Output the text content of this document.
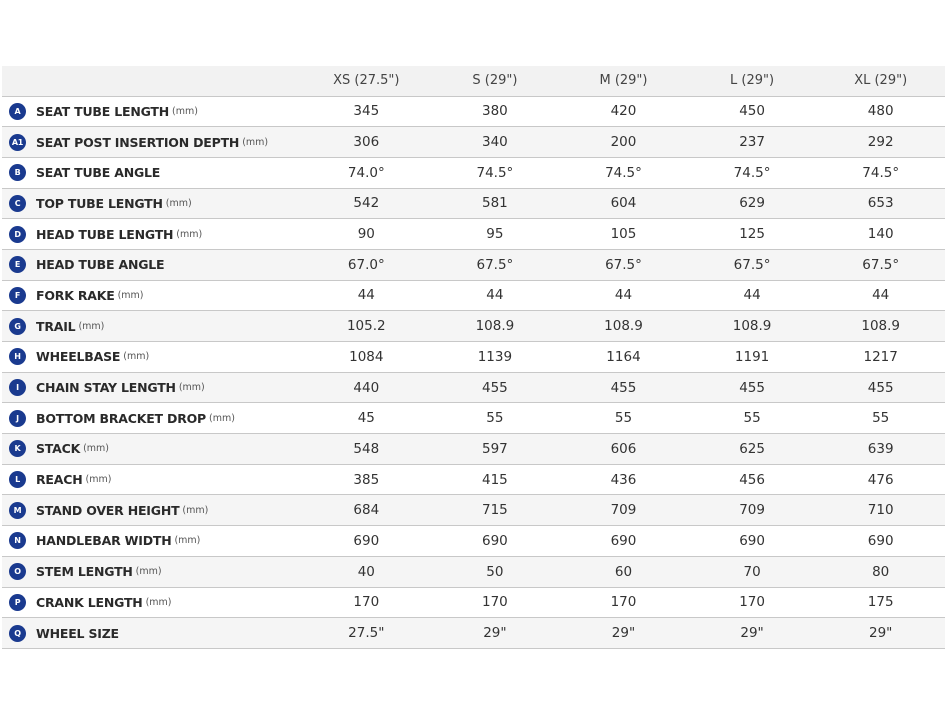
	XS (27.5")	S (29")	M (29")	L (29")	XL (29")
A SEAT TUBE LENGTH (mm)	345	380	420	450	480
A1 SEAT POST INSERTION DEPTH (mm)	306	340	200	237	292
B SEAT TUBE ANGLE	74.0°	74.5°	74.5°	74.5°	74.5°
C TOP TUBE LENGTH (mm)	542	581	604	629	653
D HEAD TUBE LENGTH (mm)	90	95	105	125	140
E HEAD TUBE ANGLE	67.0°	67.5°	67.5°	67.5°	67.5°
F FORK RAKE (mm)	44	44	44	44	44
G TRAIL (mm)	105.2	108.9	108.9	108.9	108.9
H WHEELBASE (mm)	1084	1139	1164	1191	1217
I CHAIN STAY LENGTH (mm)	440	455	455	455	455
J BOTTOM BRACKET DROP (mm)	45	55	55	55	55
K STACK (mm)	548	597	606	625	639
L REACH (mm)	385	415	436	456	476
M STAND OVER HEIGHT (mm)	684	715	709	709	710
N HANDLEBAR WIDTH (mm)	690	690	690	690	690
O STEM LENGTH (mm)	40	50	60	70	80
P CRANK LENGTH (mm)	170	170	170	170	175
Q WHEEL SIZE	27.5"	29"	29"	29"	29"
